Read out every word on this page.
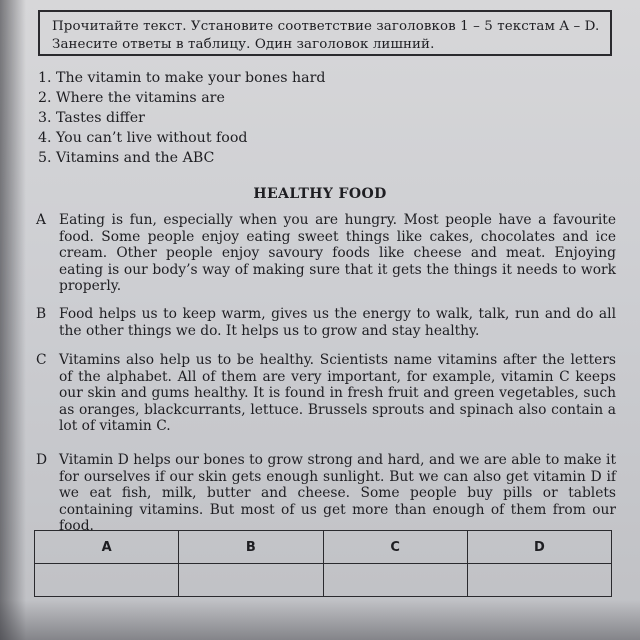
Прочитайте текст. Установите соответствие заголовков 1 – 5 текстам A – D. Занесите ответы в таблицу. Один заголовок лишний.
1. The vitamin to make your bones hard
2. Where the vitamins are
3. Tastes differ
4. You can’t live without food
5. Vitamins and the ABC
HEALTHY FOOD
A Eating is fun, especially when you are hungry. Most people have a favourite food. Some people enjoy eating sweet things like cakes, chocolates and ice cream. Other people enjoy savoury foods like cheese and meat. Enjoying eating is our body’s way of making sure that it gets the things it needs to work properly.
B Food helps us to keep warm, gives us the energy to walk, talk, run and do all the other things we do. It helps us to grow and stay healthy.
C Vitamins also help us to be healthy. Scientists name vitamins after the letters of the alphabet. All of them are very important, for example, vitamin C keeps our skin and gums healthy. It is found in fresh fruit and green vegetables, such as oranges, blackcurrants, lettuce. Brussels sprouts and spinach also contain a lot of vitamin C.
D Vitamin D helps our bones to grow strong and hard, and we are able to make it for ourselves if our skin gets enough sunlight. But we can also get vitamin D if we eat fish, milk, butter and cheese. Some people buy pills or tablets containing vitamins. But most of us get more than enough of them from our food.
A	B	C	D
